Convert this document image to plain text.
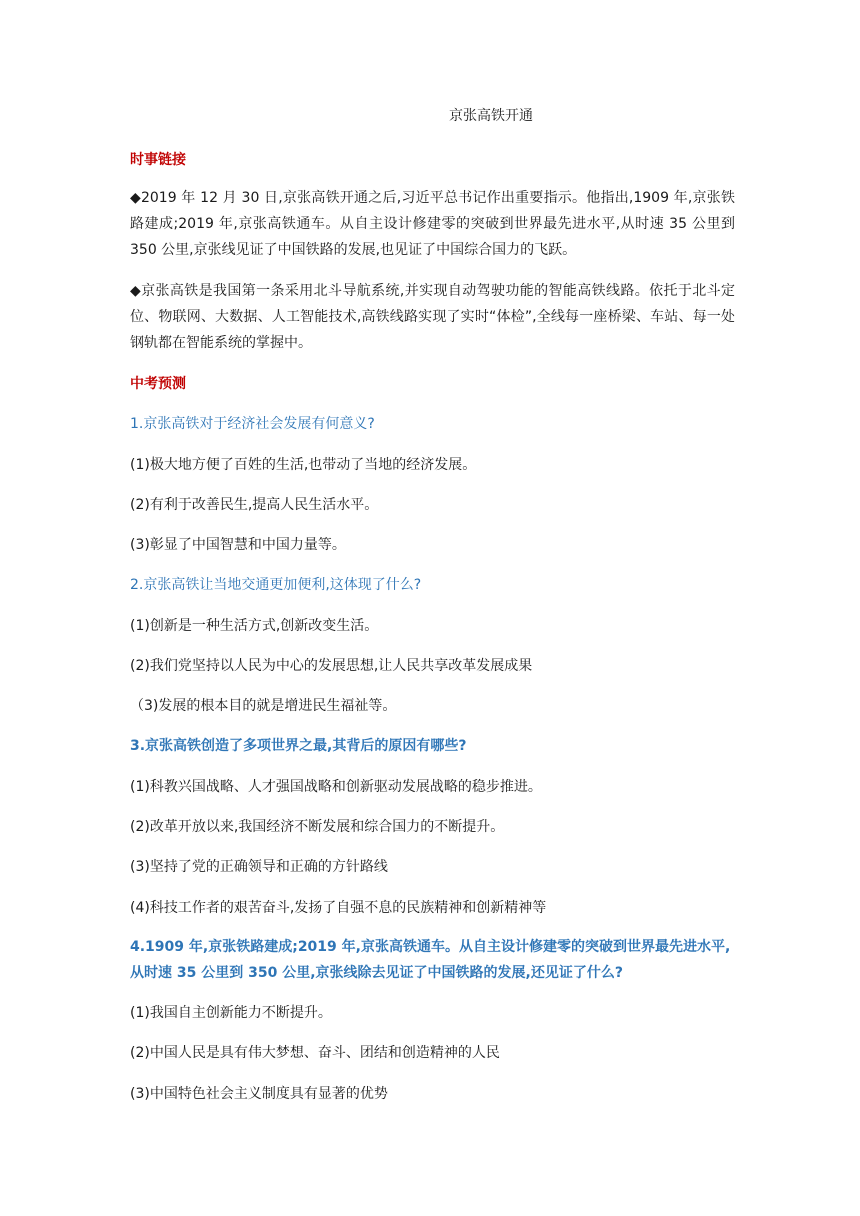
京张高铁开通
时事链接

◆2019 年 12 月 30 日,京张高铁开通之后,习近平总书记作出重要指示。他指出,1909 年,京张铁路建成;2019 年,京张高铁通车。从自主设计修建零的突破到世界最先进水平,从时速 35 公里到 350 公里,京张线见证了中国铁路的发展,也见证了中国综合国力的飞跃。

◆京张高铁是我国第一条采用北斗导航系统,并实现自动驾驶功能的智能高铁线路。依托于北斗定位、物联网、大数据、人工智能技术,高铁线路实现了实时“体检”,全线每一座桥梁、车站、每一处钢轨都在智能系统的掌握中。

中考预测
1.京张高铁对于经济社会发展有何意义?
(1)极大地方便了百姓的生活,也带动了当地的经济发展。
(2)有利于改善民生,提高人民生活水平。
(3)彰显了中国智慧和中国力量等。
2.京张高铁让当地交通更加便利,这体现了什么?
(1)创新是一种生活方式,创新改变生活。
(2)我们党坚持以人民为中心的发展思想,让人民共享改革发展成果
（3)发展的根本目的就是增进民生福祉等。
3.京张高铁创造了多项世界之最,其背后的原因有哪些?
(1)科教兴国战略、人才强国战略和创新驱动发展战略的稳步推进。
(2)改革开放以来,我国经济不断发展和综合国力的不断提升。
(3)坚持了党的正确领导和正确的方针路线
(4)科技工作者的艰苦奋斗,发扬了自强不息的民族精神和创新精神等
4.1909 年,京张铁路建成;2019 年,京张高铁通车。从自主设计修建零的突破到世界最先进水平,从时速 35 公里到 350 公里,京张线除去见证了中国铁路的发展,还见证了什么?
(1)我国自主创新能力不断提升。
(2)中国人民是具有伟大梦想、奋斗、团结和创造精神的人民
(3)中国特色社会主义制度具有显著的优势
